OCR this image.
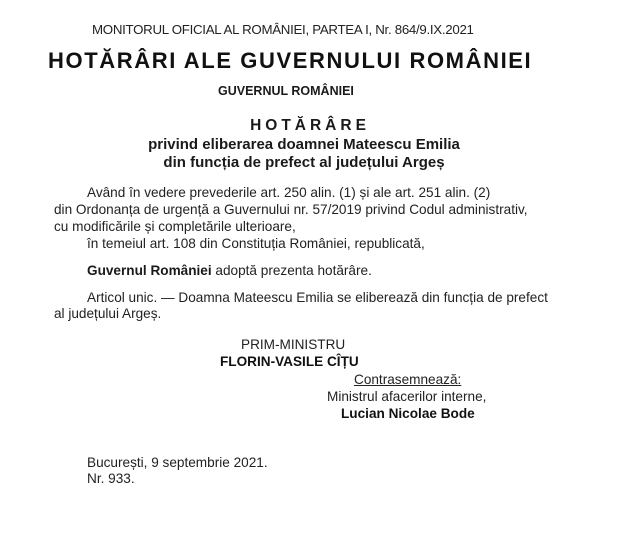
MONITORUL OFICIAL AL ROMÂNIEI, PARTEA I, Nr. 864/9.IX.2021
HOTĂRÂRI ALE GUVERNULUI ROMÂNIEI
GUVERNUL ROMÂNIEI
HOTĂRÂRE
privind eliberarea doamnei Mateescu Emilia
din funcția de prefect al județului Argeș
Având în vedere prevederile art. 250 alin. (1) și ale art. 251 alin. (2)
din Ordonanța de urgență a Guvernului nr. 57/2019 privind Codul administrativ,
cu modificările și completările ulterioare,
în temeiul art. 108 din Constituția României, republicată,
Guvernul României adoptă prezenta hotărâre.
Articol unic. — Doamna Mateescu Emilia se eliberează din funcția de prefect
al județului Argeș.
PRIM-MINISTRU
FLORIN-VASILE CÎȚU
Contrasemnează:
Ministrul afacerilor interne,
Lucian Nicolae Bode
București, 9 septembrie 2021.
Nr. 933.
